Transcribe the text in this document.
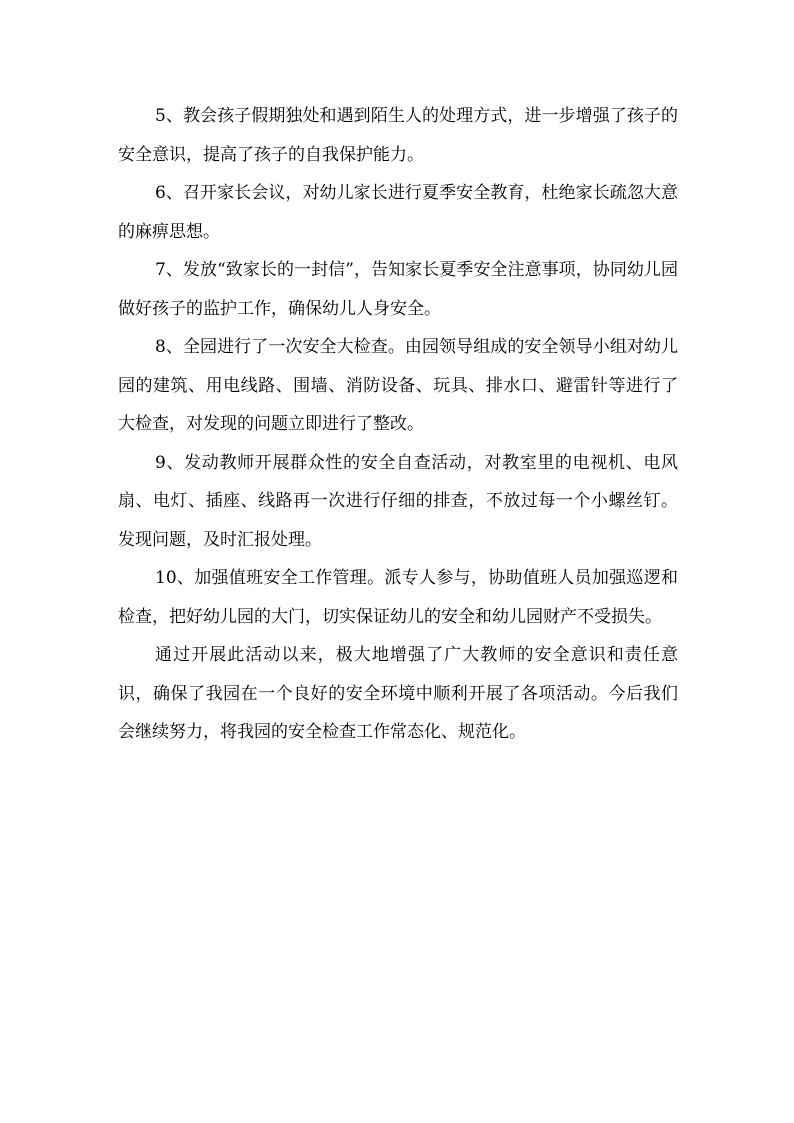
5、教会孩子假期独处和遇到陌生人的处理方式，进一步增强了孩子的安全意识，提高了孩子的自我保护能力。

6、召开家长会议，对幼儿家长进行夏季安全教育，杜绝家长疏忽大意的麻痹思想。

7、发放“致家长的一封信”，告知家长夏季安全注意事项，协同幼儿园做好孩子的监护工作，确保幼儿人身安全。

8、全园进行了一次安全大检查。由园领导组成的安全领导小组对幼儿园的建筑、用电线路、围墙、消防设备、玩具、排水口、避雷针等进行了大检查，对发现的问题立即进行了整改。

9、发动教师开展群众性的安全自查活动，对教室里的电视机、电风扇、电灯、插座、线路再一次进行仔细的排查，不放过每一个小螺丝钉。发现问题，及时汇报处理。

10、加强值班安全工作管理。派专人参与，协助值班人员加强巡逻和检查，把好幼儿园的大门，切实保证幼儿的安全和幼儿园财产不受损失。

通过开展此活动以来，极大地增强了广大教师的安全意识和责任意识，确保了我园在一个良好的安全环境中顺利开展了各项活动。今后我们会继续努力，将我园的安全检查工作常态化、规范化。
